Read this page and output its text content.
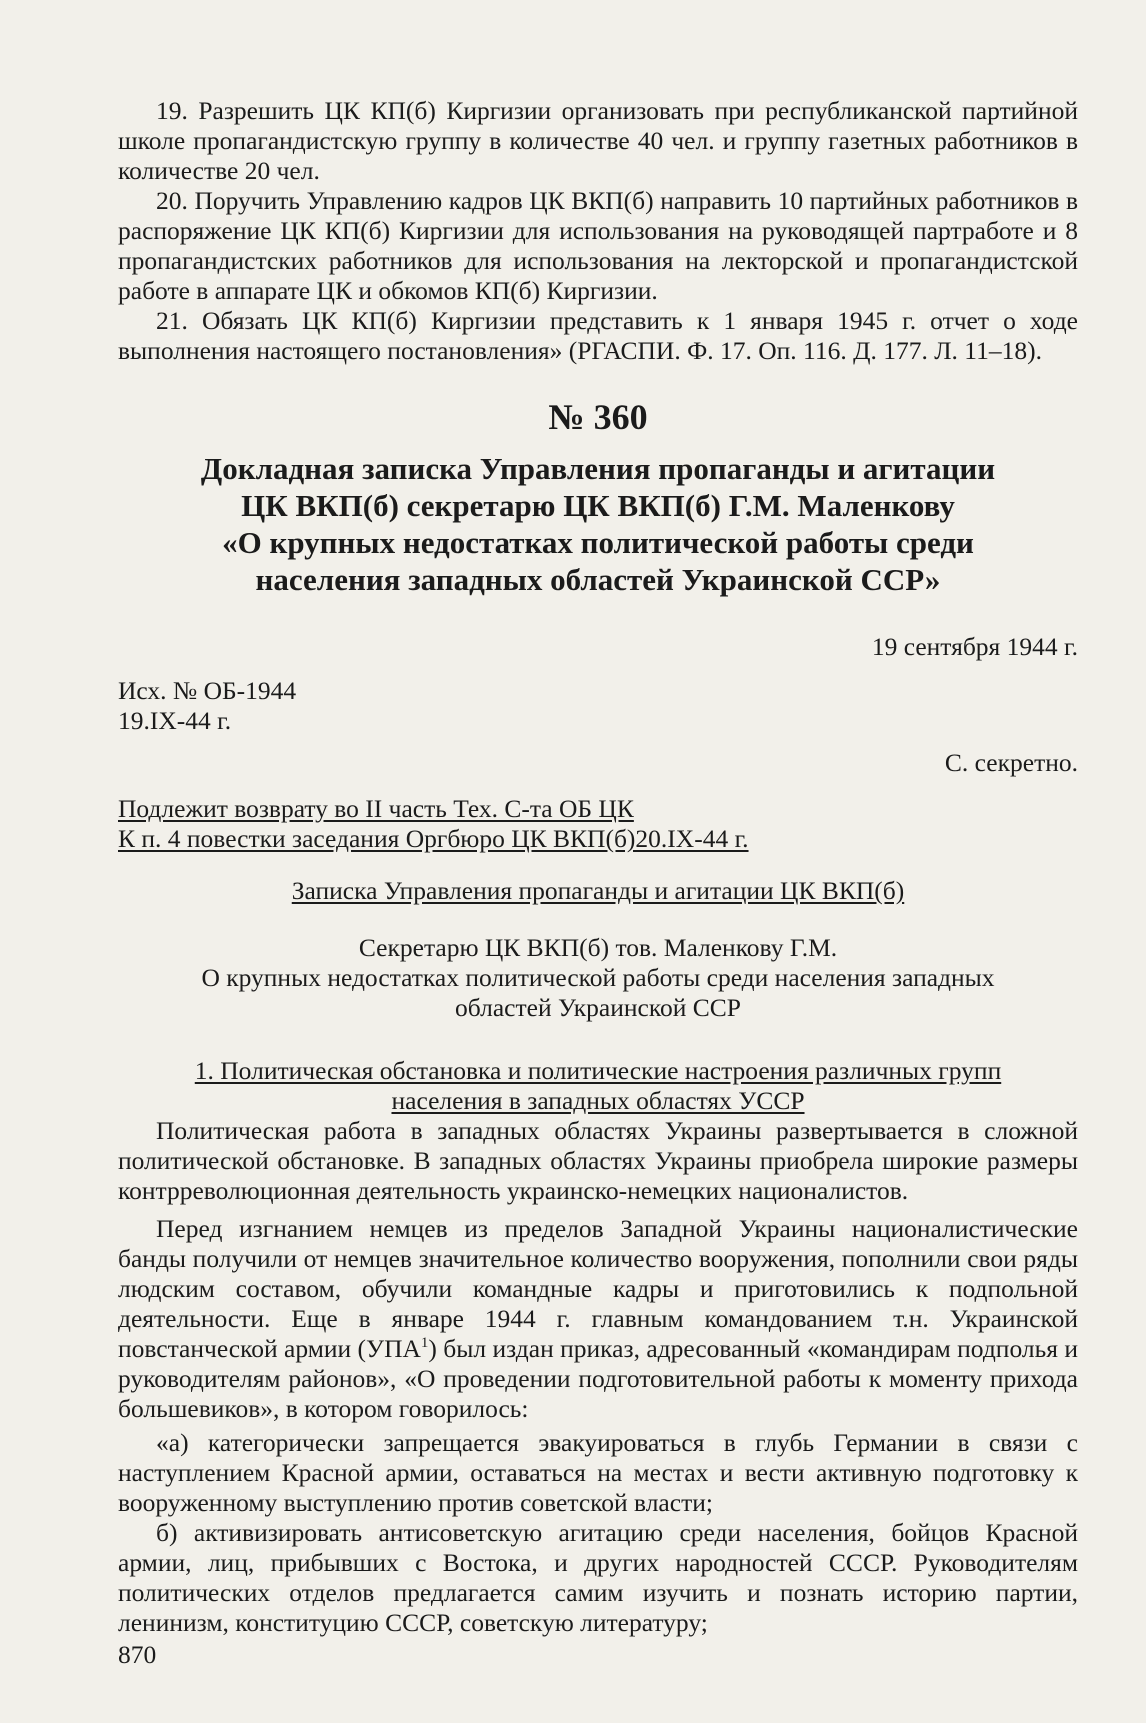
19. Разрешить ЦК КП(б) Киргизии организовать при республиканской партийной школе пропагандистскую группу в количестве 40 чел. и группу газетных работников в количестве 20 чел.

20. Поручить Управлению кадров ЦК ВКП(б) направить 10 партийных работников в распоряжение ЦК КП(б) Киргизии для использования на руководящей партработе и 8 пропагандистских работников для использования на лекторской и пропагандистской работе в аппарате ЦК и обкомов КП(б) Киргизии.

21. Обязать ЦК КП(б) Киргизии представить к 1 января 1945 г. отчет о ходе выполнения настоящего постановления» (РГАСПИ. Ф. 17. Оп. 116. Д. 177. Л. 11–18).

№ 360

Докладная записка Управления пропаганды и агитации

ЦК ВКП(б) секретарю ЦК ВКП(б) Г.М. Маленкову

«О крупных недостатках политической работы среди

населения западных областей Украинской ССР»

19 сентября 1944 г.

Исх. № ОБ-1944

19.IX-44 г.

С. секретно.

Подлежит возврату во II часть Тех. С-та ОБ ЦК

К п. 4 повестки заседания Оргбюро ЦК ВКП(б)20.IX-44 г.

Записка Управления пропаганды и агитации ЦК ВКП(б)

Секретарю ЦК ВКП(б) тов. Маленкову Г.М.

О крупных недостатках политической работы среди населения западных

областей Украинской ССР

1. Политическая обстановка и политические настроения различных групп

населения в западных областях УССР

Политическая работа в западных областях Украины развертывается в сложной политической обстановке. В западных областях Украины приобрела широкие размеры контрреволюционная деятельность украинско-немецких националистов.

Перед изгнанием немцев из пределов Западной Украины националистические банды получили от немцев значительное количество вооружения, пополнили свои ряды людским составом, обучили командные кадры и приготовились к подпольной деятельности. Еще в январе 1944 г. главным командованием т.н. Украинской повстанческой армии (УПА$^1$) был издан приказ, адресованный «командирам подполья и руководителям районов», «О проведении подготовительной работы к моменту прихода большевиков», в котором говорилось:

«а) категорически запрещается эвакуироваться в глубь Германии в связи с наступлением Красной армии, оставаться на местах и вести активную подготовку к вооруженному выступлению против советской власти;

б) активизировать антисоветскую агитацию среди населения, бойцов Красной армии, лиц, прибывших с Востока, и других народностей СССР. Руководителям политических отделов предлагается самим изучить и познать историю партии, ленинизм, конституцию СССР, советскую литературу;

870
